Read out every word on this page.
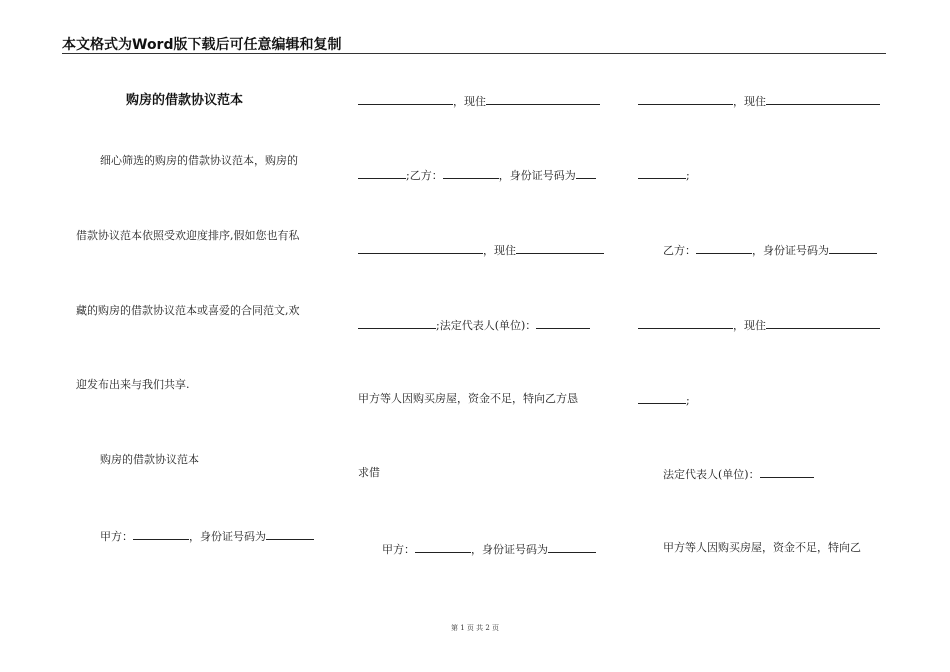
本文格式为Word版下载后可任意编辑和复制
购房的借款协议范本
细心筛选的购房的借款协议范本，购房的
借款协议范本依照受欢迎度排序,假如您也有私
藏的购房的借款协议范本或喜爱的合同范文,欢
迎发布出来与我们共享.
购房的借款协议范本
甲方：	，身份证号码为
，现住
;乙方：	，身份证号码为
，现住
;法定代表人(单位)：
甲方等人因购买房屋，资金不足，特向乙方恳
求借
甲方：	，身份证号码为
，现住
;
乙方：	，身份证号码为
，现住
;
法定代表人(单位)：
甲方等人因购买房屋，资金不足，特向乙
第 1 页 共 2 页
